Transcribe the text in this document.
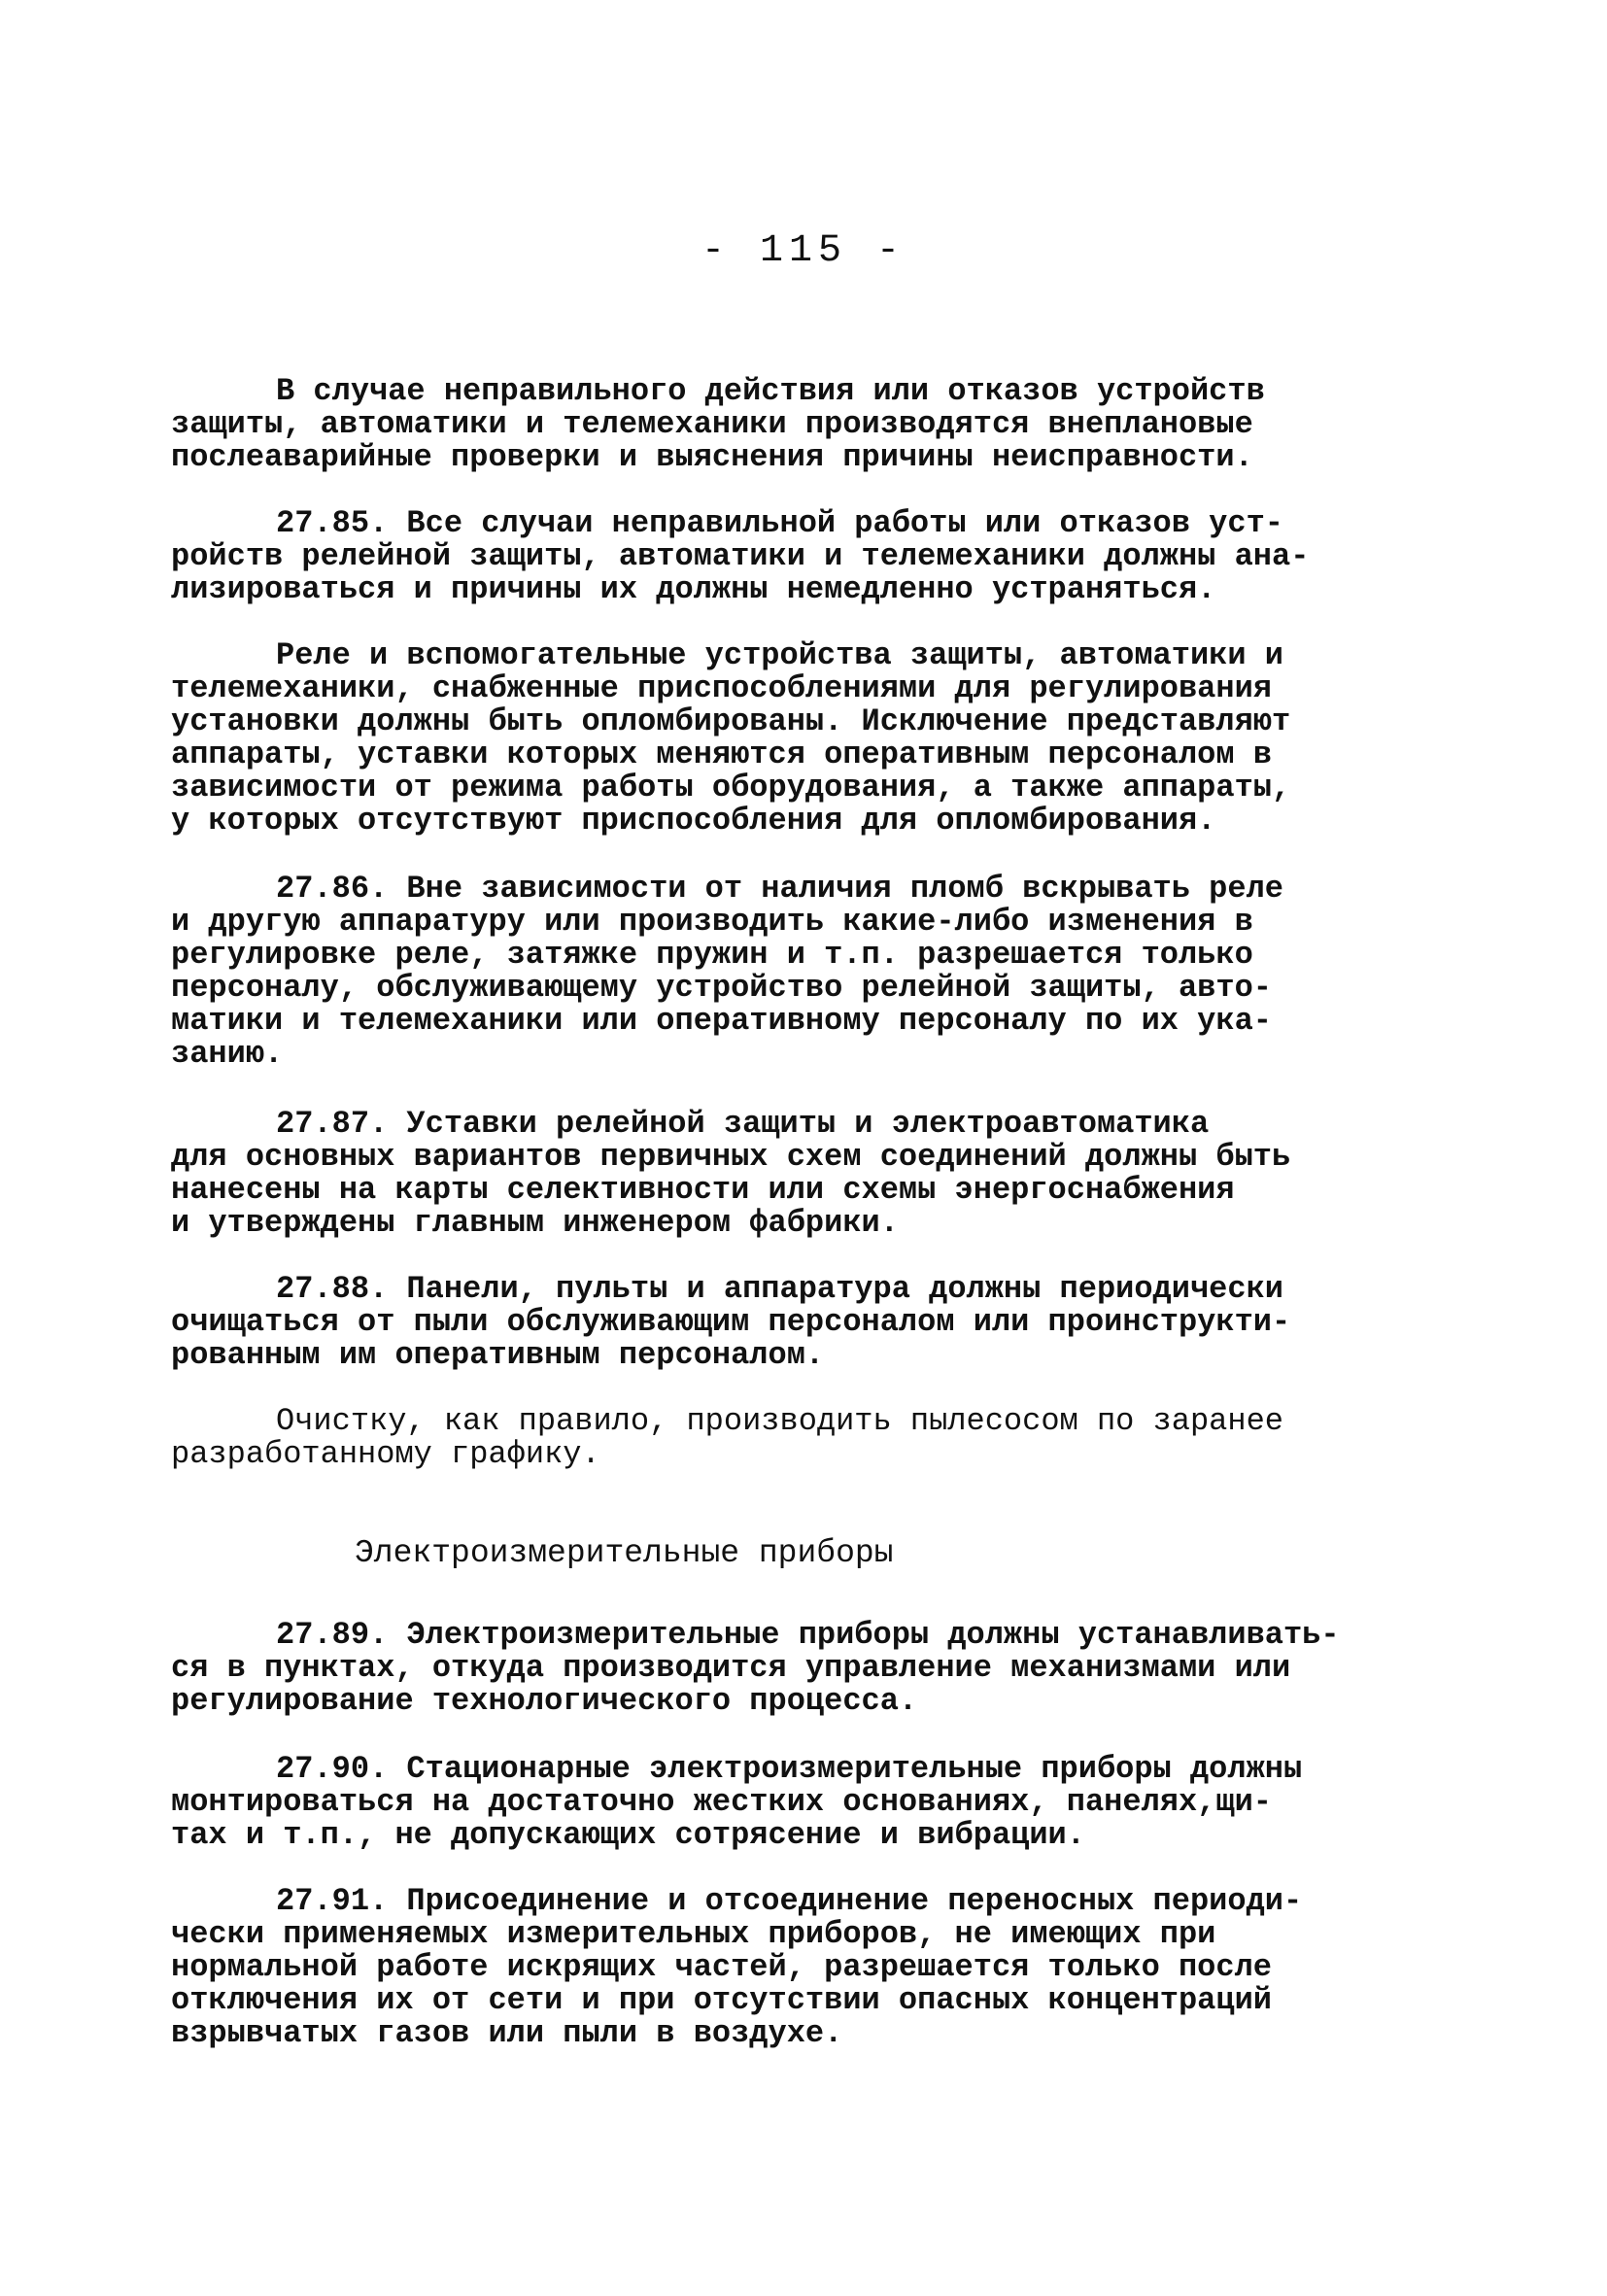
- 115 -
В случае неправильного действия или отказов устройств
защиты, автоматики и телемеханики производятся внеплановые
послеаварийные проверки и выяснения причины неисправности.
27.85. Все случаи неправильной работы или отказов уст-
ройств релейной защиты, автоматики и телемеханики должны ана-
лизироваться и причины их должны немедленно устраняться.
Реле и вспомогательные устройства защиты, автоматики и
телемеханики, снабженные приспособлениями для регулирования
установки должны быть опломбированы. Исключение представляют
аппараты, уставки которых меняются оперативным персоналом в
зависимости от режима работы оборудования, а также аппараты,
у которых отсутствуют приспособления для опломбирования.
27.86. Вне зависимости от наличия пломб вскрывать реле
и другую аппаратуру или производить какие-либо изменения в
регулировке реле, затяжке пружин и т.п. разрешается только
персоналу, обслуживающему устройство релейной защиты, авто-
матики и телемеханики или оперативному персоналу по их ука-
занию.
27.87. Уставки релейной защиты и электроавтоматика
для основных вариантов первичных схем соединений должны быть
нанесены на карты селективности или схемы энергоснабжения
и утверждены главным инженером фабрики.
27.88. Панели, пульты и аппаратура должны периодически
очищаться от пыли обслуживающим персоналом или проинструкти-
рованным им оперативным персоналом.
Очистку, как правило, производить пылесосом по заранее
разработанному графику.
Электроизмерительные приборы
27.89. Электроизмерительные приборы должны устанавливать-
ся в пунктах, откуда производится управление механизмами или
регулирование технологического процесса.
27.90. Стационарные электроизмерительные приборы должны
монтироваться на достаточно жестких основаниях, панелях,щи-
тах и т.п., не допускающих сотрясение и вибрации.
27.91. Присоединение и отсоединение переносных периоди-
чески применяемых измерительных приборов, не имеющих при
нормальной работе искрящих частей, разрешается только после
отключения их от сети и при отсутствии опасных концентраций
взрывчатых газов или пыли в воздухе.
